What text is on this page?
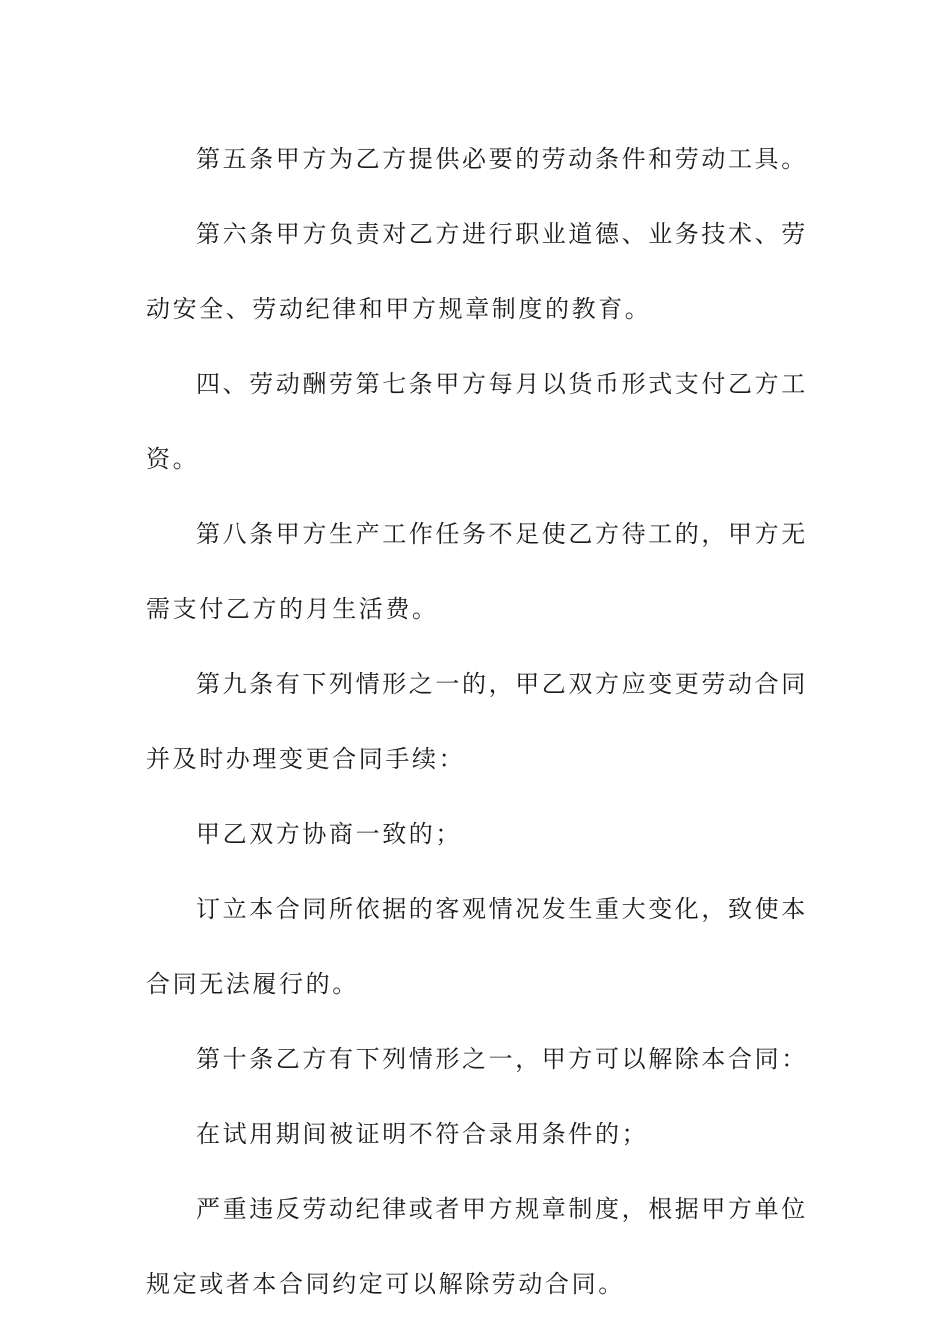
第五条甲方为乙方提供必要的劳动条件和劳动工具。

第六条甲方负责对乙方进行职业道德、业务技术、劳动安全、劳动纪律和甲方规章制度的教育。

四、劳动酬劳第七条甲方每月以货币形式支付乙方工资。

第八条甲方生产工作任务不足使乙方待工的，甲方无需支付乙方的月生活费。

第九条有下列情形之一的，甲乙双方应变更劳动合同并及时办理变更合同手续：

甲乙双方协商一致的；

订立本合同所依据的客观情况发生重大变化，致使本合同无法履行的。

第十条乙方有下列情形之一，甲方可以解除本合同：

在试用期间被证明不符合录用条件的；

严重违反劳动纪律或者甲方规章制度，根据甲方单位规定或者本合同约定可以解除劳动合同。
